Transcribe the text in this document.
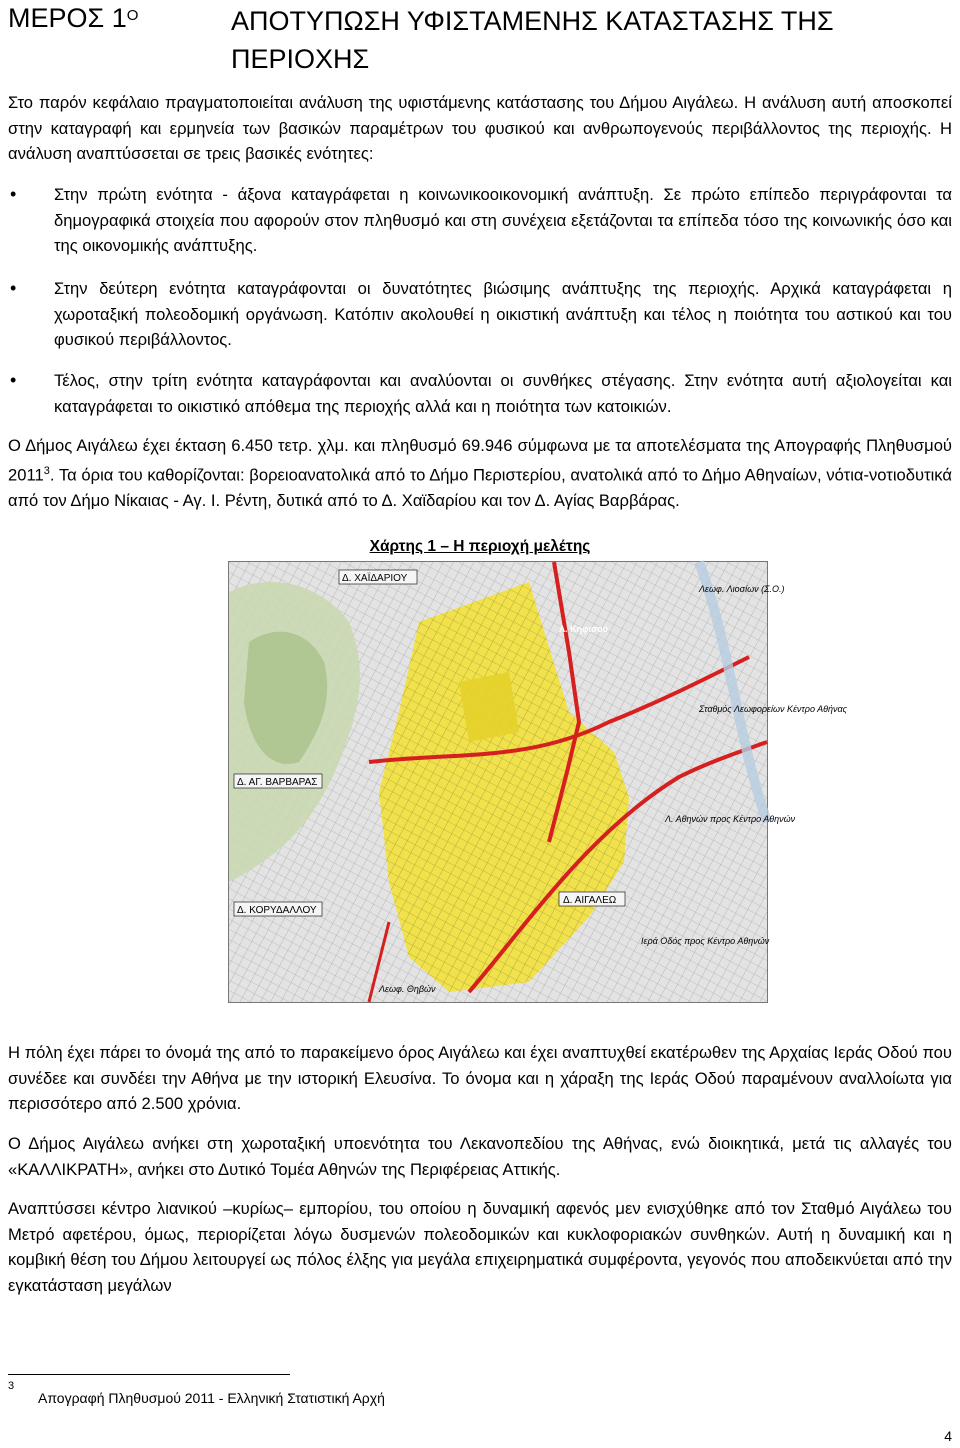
ΜΕΡΟΣ $1^O$	ΑΠΟΤΥΠΩΣΗ ΥΦΙΣΤΑΜΕΝΗΣ ΚΑΤΑΣΤΑΣΗΣ ΤΗΣ ΠΕΡΙΟΧΗΣ
Στο παρόν κεφάλαιο πραγματοποιείται ανάλυση της υφιστάμενης κατάστασης του Δήμου Αιγάλεω. Η ανάλυση αυτή αποσκοπεί στην καταγραφή και ερμηνεία των βασικών παραμέτρων του φυσικού και ανθρωπογενούς περιβάλλοντος της περιοχής. Η ανάλυση αναπτύσσεται σε τρεις βασικές ενότητες:
• Στην πρώτη ενότητα - άξονα καταγράφεται η κοινωνικοοικονομική ανάπτυξη. Σε πρώτο επίπεδο περιγράφονται τα δημογραφικά στοιχεία που αφορούν στον πληθυσμό και στη συνέχεια εξετάζονται τα επίπεδα τόσο της κοινωνικής όσο και της οικονομικής ανάπτυξης.
• Στην δεύτερη ενότητα καταγράφονται οι δυνατότητες βιώσιμης ανάπτυξης της περιοχής. Αρχικά καταγράφεται η χωροταξική πολεοδομική οργάνωση. Κατόπιν ακολουθεί η οικιστική ανάπτυξη και τέλος η ποιότητα του αστικού και του φυσικού περιβάλλοντος.
• Τέλος, στην τρίτη ενότητα καταγράφονται και αναλύονται οι συνθήκες στέγασης. Στην ενότητα αυτή αξιολογείται και καταγράφεται το οικιστικό απόθεμα της περιοχής αλλά και η ποιότητα των κατοικιών.
Ο Δήμος Αιγάλεω έχει έκταση 6.450 τετρ. χλμ. και πληθυσμό 69.946 σύμφωνα με τα αποτελέσματα της Απογραφής Πληθυσμού 2011$^3$. Τα όρια του καθορίζονται: βορειοανατολικά από το Δήμο Περιστερίου, ανατολικά από το Δήμο Αθηναίων, νότια-νοτιοδυτικά από τον Δήμο Νίκαιας - Αγ. Ι. Ρέντη, δυτικά από το Δ. Χαϊδαρίου και τον Δ. Αγίας Βαρβάρας.
Χάρτης 1 – Η περιοχή μελέτης
Δ. ΧΑΪΔΑΡΙΟΥ
Δ. ΑΓ. ΒΑΡΒΑΡΑΣ
Δ. ΚΟΡΥΔΑΛΛΟΥ
Δ. ΑΙΓΑΛΕΩ
Λ. Αθηνών προς Κέντρο Αθηνών
Ιερά Οδός προς Κέντρο Αθηνών
Σταθμός Λεωφορείων Κέντρο Αθήνας
Λ. Κηφισού
Λεωφ. Θηβών
Λεωφ. Λιοσίων (Σ.Ο.)
Η πόλη έχει πάρει το όνομά της από το παρακείμενο όρος Αιγάλεω και έχει αναπτυχθεί εκατέρωθεν της Αρχαίας Ιεράς Οδού που συνέδεε και συνδέει την Αθήνα με την ιστορική Ελευσίνα. Το όνομα και η χάραξη της Ιεράς Οδού παραμένουν αναλλοίωτα για περισσότερο από 2.500 χρόνια.
Ο Δήμος Αιγάλεω ανήκει στη χωροταξική υποενότητα του Λεκανοπεδίου της Αθήνας, ενώ διοικητικά, μετά τις αλλαγές του «ΚΑΛΛΙΚΡΑΤΗ», ανήκει στο Δυτικό Τομέα Αθηνών της Περιφέρειας Αττικής.
Αναπτύσσει κέντρο λιανικού –κυρίως– εμπορίου, του οποίου η δυναμική αφενός μεν ενισχύθηκε από τον Σταθμό Αιγάλεω του Μετρό αφετέρου, όμως, περιορίζεται λόγω δυσμενών πολεοδομικών και κυκλοφοριακών συνθηκών. Αυτή η δυναμική και η κομβική θέση του Δήμου λειτουργεί ως πόλος έλξης για μεγάλα επιχειρηματικά συμφέροντα, γεγονός που αποδεικνύεται από την εγκατάσταση μεγάλων
3
Απογραφή Πληθυσμού 2011 - Ελληνική Στατιστική Αρχή
4
